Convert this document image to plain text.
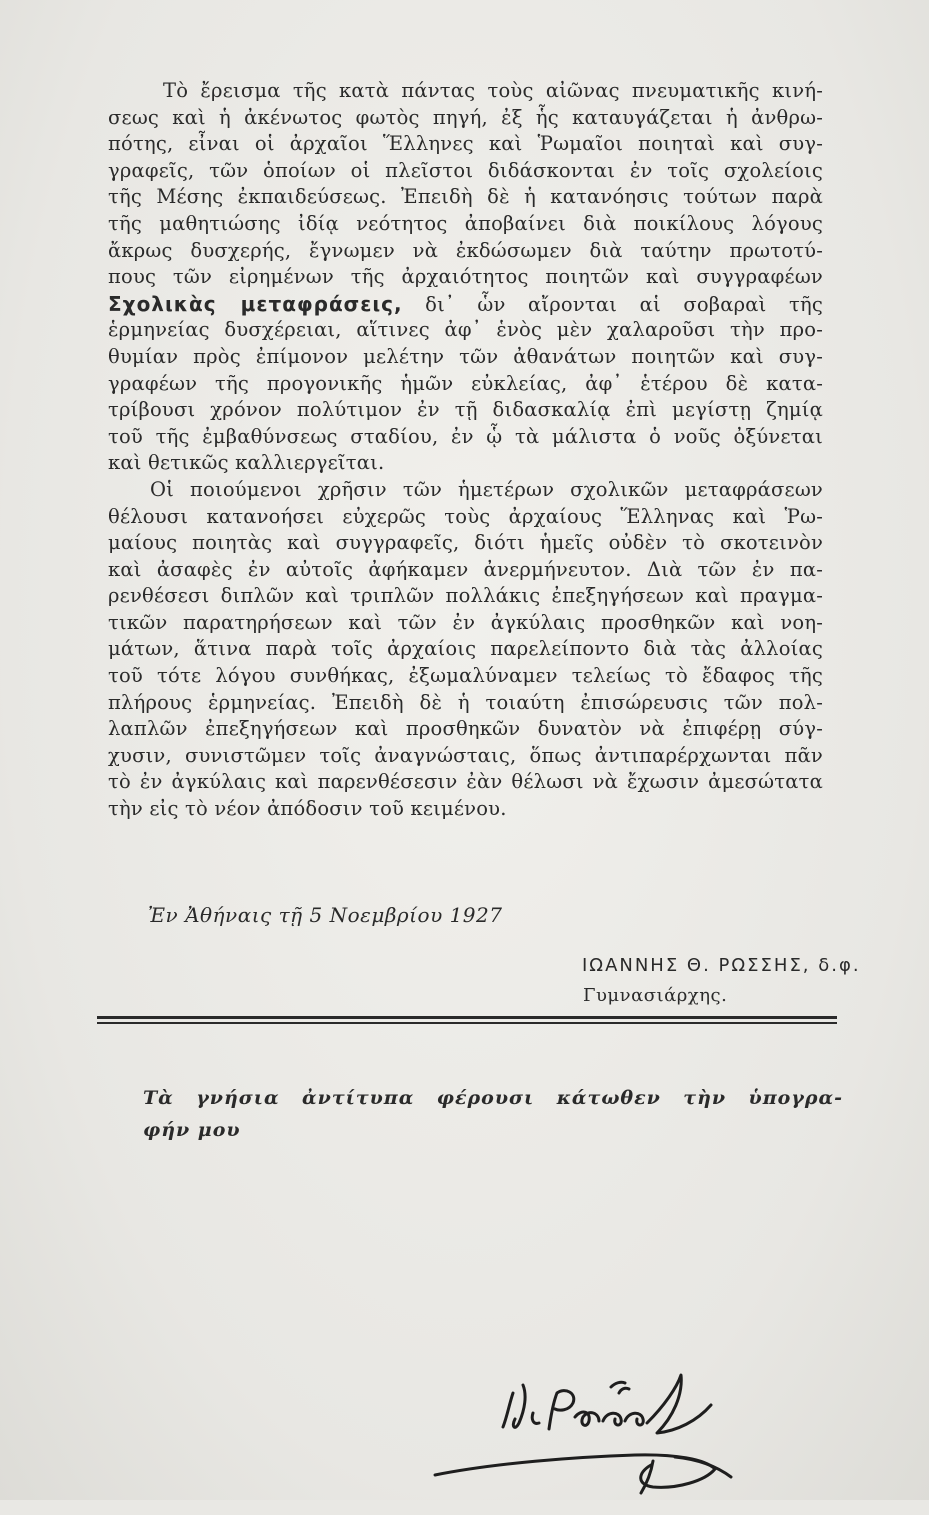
Τὸ ἔρεισμα τῆς κατὰ πάντας τοὺς αἰῶνας πνευματικῆς κινή-
σεως καὶ ἡ ἀκένωτος φωτὸς πηγή, ἐξ ἧς καταυγάζεται ἡ ἀνθρω-
πότης, εἶναι οἱ ἀρχαῖοι Ἕλληνες καὶ Ῥωμαῖοι ποιηταὶ καὶ συγ-
γραφεῖς, τῶν ὁποίων οἱ πλεῖστοι διδάσκονται ἐν τοῖς σχολείοις
τῆς Μέσης ἐκπαιδεύσεως. Ἐπειδὴ δὲ ἡ κατανόησις τούτων παρὰ
τῆς μαθητιώσης ἰδίᾳ νεότητος ἀποβαίνει διὰ ποικίλους λόγους
ἄκρως δυσχερής, ἔγνωμεν νὰ ἐκδώσωμεν διὰ ταύτην πρωτοτύ-
πους τῶν εἰρημένων τῆς ἀρχαιότητος ποιητῶν καὶ συγγραφέων
Σχολικὰς μεταφράσεις, δι᾿ ὧν αἴρονται αἱ σοβαραὶ τῆς
ἑρμηνείας δυσχέρειαι, αἵτινες ἀφ᾿ ἑνὸς μὲν χαλαροῦσι τὴν προ-
θυμίαν πρὸς ἐπίμονον μελέτην τῶν ἀθανάτων ποιητῶν καὶ συγ-
γραφέων τῆς προγονικῆς ἡμῶν εὐκλείας, ἀφ᾿ ἑτέρου δὲ κατα-
τρίβουσι χρόνον πολύτιμον ἐν τῇ διδασκαλίᾳ ἐπὶ μεγίστῃ ζημίᾳ
τοῦ τῆς ἐμβαθύνσεως σταδίου, ἐν ᾧ τὰ μάλιστα ὁ νοῦς ὀξύνεται
καὶ θετικῶς καλλιεργεῖται.
Οἱ ποιούμενοι χρῆσιν τῶν ἡμετέρων σχολικῶν μεταφράσεων
θέλουσι κατανοήσει εὐχερῶς τοὺς ἀρχαίους Ἕλληνας καὶ Ῥω-
μαίους ποιητὰς καὶ συγγραφεῖς, διότι ἡμεῖς οὐδὲν τὸ σκοτεινὸν
καὶ ἀσαφὲς ἐν αὐτοῖς ἀφήκαμεν ἀνερμήνευτον. Διὰ τῶν ἐν πα-
ρενθέσεσι διπλῶν καὶ τριπλῶν πολλάκις ἐπεξηγήσεων καὶ πραγμα-
τικῶν παρατηρήσεων καὶ τῶν ἐν ἀγκύλαις προσθηκῶν καὶ νοη-
μάτων, ἅτινα παρὰ τοῖς ἀρχαίοις παρελείποντο διὰ τὰς ἀλλοίας
τοῦ τότε λόγου συνθήκας, ἐξωμαλύναμεν τελείως τὸ ἔδαφος τῆς
πλήρους ἑρμηνείας. Ἐπειδὴ δὲ ἡ τοιαύτη ἐπισώρευσις τῶν πολ-
λαπλῶν ἐπεξηγήσεων καὶ προσθηκῶν δυνατὸν νὰ ἐπιφέρῃ σύγ-
χυσιν, συνιστῶμεν τοῖς ἀναγνώσταις, ὅπως ἀντιπαρέρχωνται πᾶν
τὸ ἐν ἀγκύλαις καὶ παρενθέσεσιν ἐὰν θέλωσι νὰ ἔχωσιν ἀμεσώτατα
τὴν εἰς τὸ νέον ἀπόδοσιν τοῦ κειμένου.
Ἐν Ἀθήναις τῇ 5 Νοεμβρίου 1927
ΙΩΑΝΝΗΣ Θ. ΡΩΣΣΗΣ, δ.φ.
Γυμνασιάρχης.
Τὰ γνήσια ἀντίτυπα φέρουσι κάτωθεν τὴν ὑπογρα-
φήν μου
